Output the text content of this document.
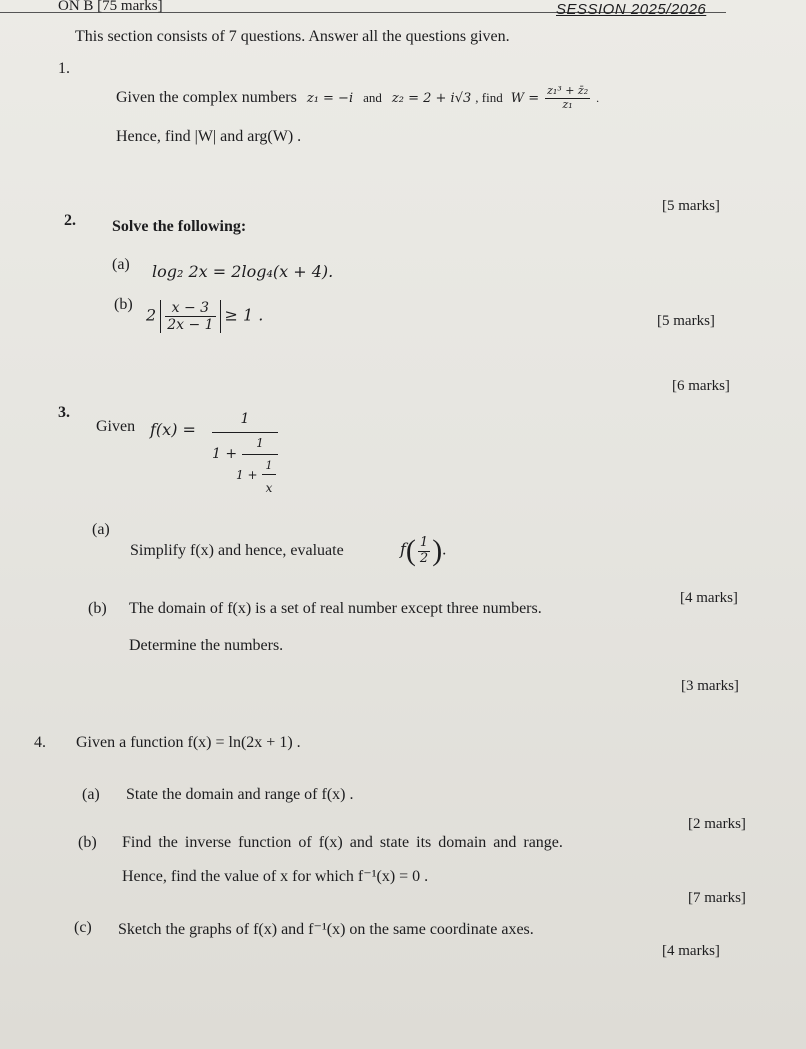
ON B [75 marks]	SESSION 2025/2026
This section consists of 7 questions. Answer all the questions given.
1.
Given the complex numbers z₁ = −i and z₂ = 2 + i√3 , find $W = \frac{\text{z₁³ + z̄₂}}{\text{z₁}}$ .
Hence, find |W| and arg(W) .
[5 marks]
2. Solve the following:
(a) log₂ 2x = 2log₄(x + 4).
(b)
$2 \frac{x - 3}{2x - 1} \ge 1$ .	[5 marks]
[6 marks]
3.
Given f(x) =
1
1 +
1
1 +
1
x
(a)
Simplify f(x) and hence, evaluate	$f( \frac{1}{2}$ ).
[4 marks]
(b) The domain of f(x) is a set of real number except three numbers.
Determine the numbers.
[3 marks]
4. Given a function f(x) = ln(2x + 1) .
(a) State the domain and range of f(x) .
[2 marks]
(b) Find the inverse function of f(x) and state its domain and range.
Hence, find the value of x for which f⁻¹(x) = 0 .
[7 marks]
(c) Sketch the graphs of f(x) and f⁻¹(x) on the same coordinate axes.
[4 marks]
